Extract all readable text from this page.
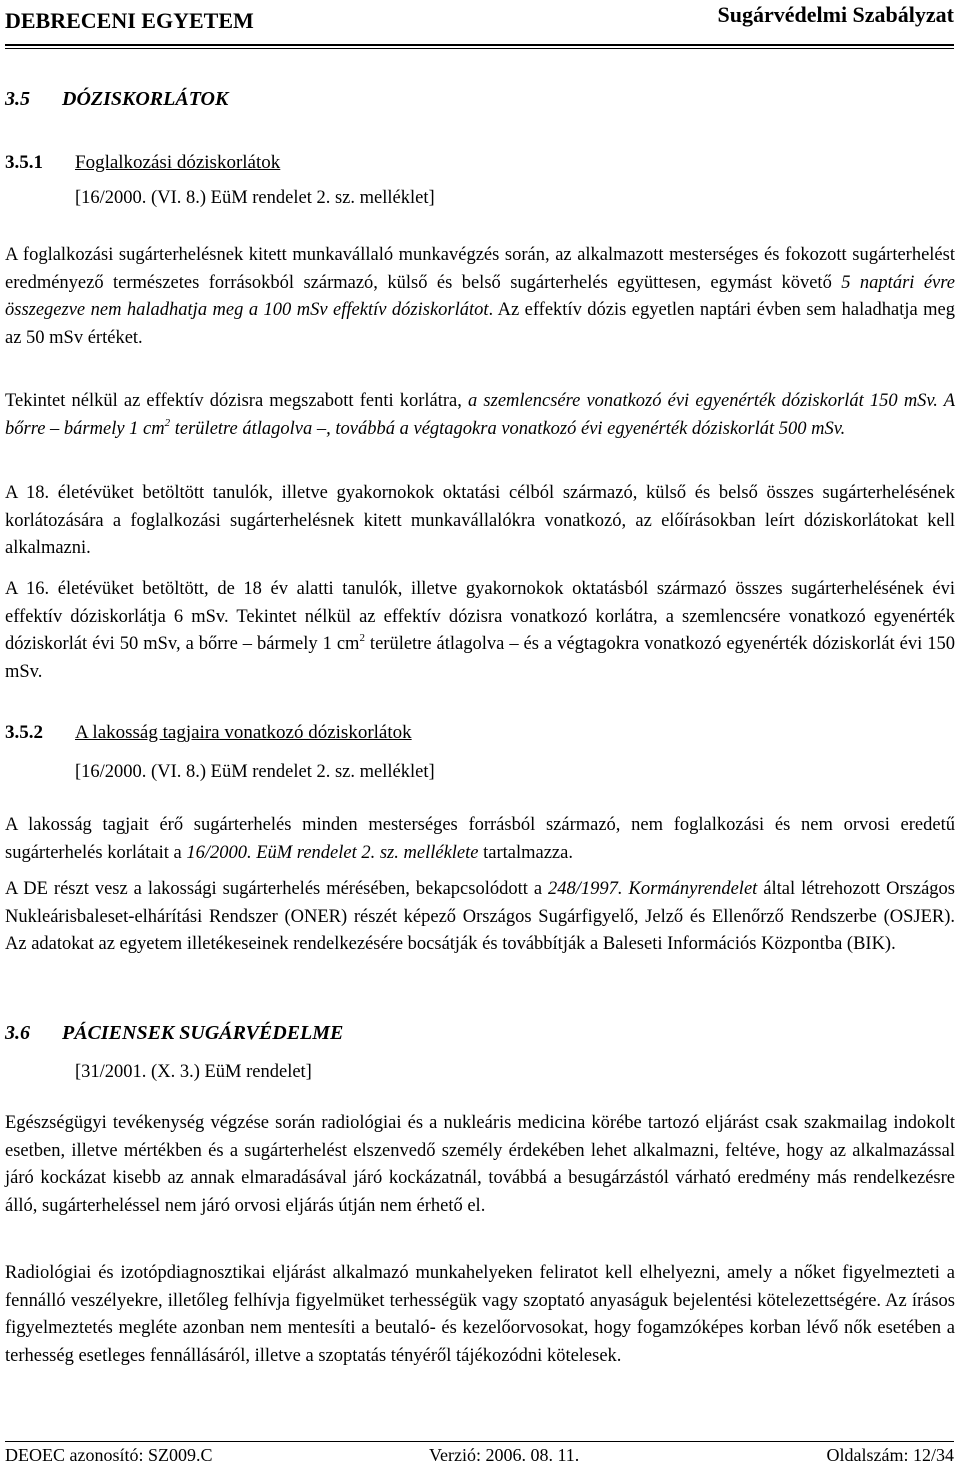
DEBRECENI EGYETEM	Sugárvédelmi Szabályzat
3.5 DÓZISKORLÁTOK
3.5.1 Foglalkozási dóziskorlátok
[16/2000. (VI. 8.) EüM rendelet 2. sz. melléklet]
A foglalkozási sugárterhelésnek kitett munkavállaló munkavégzés során, az alkalmazott mesterséges és fokozott sugárterhelést eredményező természetes forrásokból származó, külső és belső sugárterhelés együttesen, egymást követő 5 naptári évre összegezve nem haladhatja meg a 100 mSv effektív dóziskorlátot. Az effektív dózis egyetlen naptári évben sem haladhatja meg az 50 mSv értéket.
Tekintet nélkül az effektív dózisra megszabott fenti korlátra, a szemlencsére vonatkozó évi egyenérték dóziskorlát 150 mSv. A bőrre – bármely 1 $cm^2$ területre átlagolva –, továbbá a végtagokra vonatkozó évi egyenérték dóziskorlát 500 mSv.
A 18. életévüket betöltött tanulók, illetve gyakornokok oktatási célból származó, külső és belső összes sugárterhelésének korlátozására a foglalkozási sugárterhelésnek kitett munkavállalókra vonatkozó, az előírásokban leírt dóziskorlátokat kell alkalmazni.
A 16. életévüket betöltött, de 18 év alatti tanulók, illetve gyakornokok oktatásból származó összes sugárterhelésének évi effektív dóziskorlátja 6 mSv. Tekintet nélkül az effektív dózisra vonatkozó korlátra, a szemlencsére vonatkozó egyenérték dóziskorlát évi 50 mSv, a bőrre – bármely 1 $cm^2$ területre átlagolva – és a végtagokra vonatkozó egyenérték dóziskorlát évi 150 mSv.
3.5.2 A lakosság tagjaira vonatkozó dóziskorlátok
[16/2000. (VI. 8.) EüM rendelet 2. sz. melléklet]
A lakosság tagjait érő sugárterhelés minden mesterséges forrásból származó, nem foglalkozási és nem orvosi eredetű sugárterhelés korlátait a 16/2000. EüM rendelet 2. sz. melléklete tartalmazza.
A DE részt vesz a lakossági sugárterhelés mérésében, bekapcsolódott a 248/1997. Kormányrendelet által létrehozott Országos Nukleárisbaleset-elhárítási Rendszer (ONER) részét képező Országos Sugárfigyelő, Jelző és Ellenőrző Rendszerbe (OSJER). Az adatokat az egyetem illetékeseinek rendelkezésére bocsátják és továbbítják a Baleseti Információs Központba (BIK).
3.6 PÁCIENSEK SUGÁRVÉDELME
[31/2001. (X. 3.) EüM rendelet]
Egészségügyi tevékenység végzése során radiológiai és a nukleáris medicina körébe tartozó eljárást csak szakmailag indokolt esetben, illetve mértékben és a sugárterhelést elszenvedő személy érdekében lehet alkalmazni, feltéve, hogy az alkalmazással járó kockázat kisebb az annak elmaradásával járó kockázatnál, továbbá a besugárzástól várható eredmény más rendelkezésre álló, sugárterheléssel nem járó orvosi eljárás útján nem érhető el.
Radiológiai és izotópdiagnosztikai eljárást alkalmazó munkahelyeken feliratot kell elhelyezni, amely a nőket figyelmezteti a fennálló veszélyekre, illetőleg felhívja figyelmüket terhességük vagy szoptató anyaságuk bejelentési kötelezettségére. Az írásos figyelmeztetés megléte azonban nem mentesíti a beutaló- és kezelőorvosokat, hogy fogamzóképes korban lévő nők esetében a terhesség esetleges fennállásáról, illetve a szoptatás tényéről tájékozódni kötelesek.
DEOEC azonosító: SZ009.C	Verzió: 2006. 08. 11.	Oldalszám: 12/34
